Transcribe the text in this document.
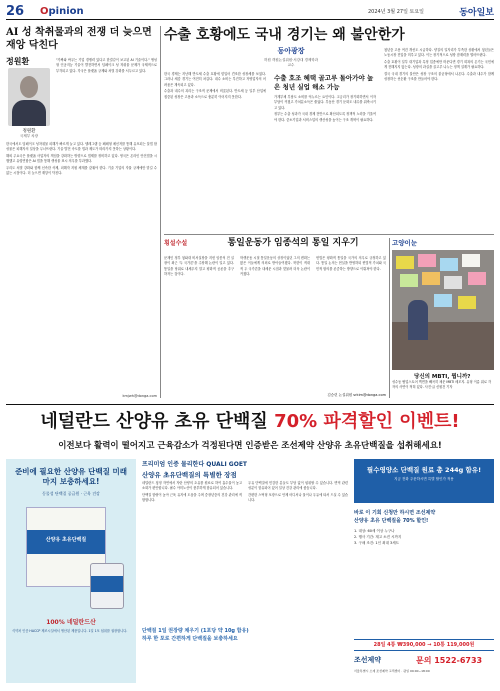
26 Opinion	2024년 3월 27일 토요일	동아일보
AI 성 착취물과의 전쟁 더 늦으면 재앙 닥친다
정원환
정원환
국제부 차장

"가짜와 싸우는 기업 경쟁력 있다고 한결같이 보고된 AI 기술이다." 생성형 인공지능 기술이 발전하면서 딥페이크 성 착취물 문제가 국제적으로 부각되고 있다. 각국은 플랫폼 규제와 처벌 강화를 서두르고 있다.

한국에서도 딥페이크 성착취물 피해가 빠르게 늘고 있다. 텔레그램 등 폐쇄형 메신저를 통해 유포되는 불법 합성물은 피해자의 일상을 무너뜨린다. 기술 발전 속도를 법과 제도가 따라가지 못하는 상황이다.

해외 주요국은 플랫폼 사업자의 책임을 강화하는 방향으로 법제를 정비하고 있다. 영국은 온라인 안전법을 시행했고 유럽연합은 AI 법을 통해 생성물 표시 의무를 부과했다.

우리도 처벌 강화와 함께 신속한 삭제, 피해자 지원 체계를 갖춰야 한다. 기술 기업의 자율 규제에만 맡길 수 없는 시점이다. 더 늦으면 재앙이 닥친다.

kmjwh@donga.com
수출 호황에도 국내 경기는 왜 불안한가
동아광장
허원 객원논설위원·서강대 경제학과 교수

한국 경제는 지난해 반도체 수출 호황에 힘입어 견조한 성장세를 보였다. 그러나 체감 경기는 여전히 차갑다. 내수 소비는 부진하고 자영업자의 어려움은 계속되고 있다.

수출과 내수의 괴리는 구조적 문제에서 비롯된다. 반도체 등 일부 산업에 집중된 성장은 고용과 소득으로 충분히 이어지지 못한다.

수출 호조 혜택 골고루 돌아가야 높은 청년 실업 해소 가능

가계부채 부담도 소비를 억누르는 요인이다. 고금리가 장기화하면서 이자 부담이 커졌고 가처분소득은 줄었다. 부동산 경기 둔화도 내수를 위축시키고 있다.

정부는 수출 성과가 국내 경제 전반으로 확산되도록 정책적 노력을 기울여야 한다. 중소기업과 서비스업의 생산성을 높이는 구조 개혁이 필요하다.

청년층 고용 여건 개선도 시급하다. 양질의 일자리가 부족한 상황에서 청년들은 노동시장 진입을 미루고 있다. 이는 장기적으로 성장 잠재력을 떨어뜨린다.

수출 호황이 일부 대기업과 특정 업종에만 머문다면 경기 회복의 온기는 국민에게 전해지지 않는다. 성장의 과실을 골고루 나누는 정책 설계가 필요하다.

결국 국내 경기의 불안은 성장 구조의 불균형에서 나온다. 수출과 내수가 함께 성장하는 선순환 구조를 만들어야 한다.

횡설수설	통일운동가 임종석의 통일 지우기

문재인 정부 청와대 비서실장을 지낸 임종석 전 실장이 최근 '두 국가론'을 주장해 논란이 일고 있다. 통일을 당위로 내세우지 말고 평화적 공존을 추구하자는 것이다.

학생운동 시절 통일운동의 상징이었던 그의 변화는 많은 이들에게 의외로 받아들여졌다. 북한이 적대적 두 국가론을 내세운 시점과 맞물려 더욱 논란이 커졌다.

헌법은 평화적 통일을 국가의 의무로 규정하고 있다. 통일 논의는 현실을 반영하되 헌법적 가치와 국민적 합의를 존중하는 방향으로 이뤄져야 한다.

김승련 논설위원 srkim@donga.com
고양이눈
당신의 MBTI, 뭡니까?
성수동 팝업스토어 벽면을 빼곡히 채운 MBTI 메모지. 유형 이름 위로 각자의 사연이 적혀 있다. 사진·글 신원건 기자
네덜란드 산양유 초유 단백질 70% 파격할인 이벤트!
이전보다 활력이 떨어지고 근육감소가 걱정된다면 인증받은 조선제약 산양유 초유단백질을 섭취해세요!
준비에 필요한 산양유 단백질 미래 마지 보충하세요!
동물성 단백질 공급원 · 근육 건강
산양유 초유단백질
100% 네덜란드산
식약처 인증 HACCP 제조시설에서 생산된 제품입니다. 1일 1포 섭취를 권장합니다.
프리미엄 인증 물리한다 QUALI GOET
산양유 초유단백질의 특별한 장점

네덜란드 청정 자연에서 자란 산양의 초유를 원료로 하여 흡수율이 높고 소화가 편안합니다. 필수 아미노산이 풍부하게 함유되어 있습니다.

단백질 함량이 높아 근육 유지에 도움을 주며 중장년층의 건강 관리에 적합합니다.

우유 단백질에 민감한 분들도 부담 없이 섭취할 수 있습니다. 면역 관련 성분이 함유되어 있어 일상 건강 관리에 좋습니다.

간편한 스틱형 포장으로 언제 어디서나 물이나 우유에 타서 드실 수 있습니다.

단백질 1일 권장량 채우기 (1포당 약 10g 함유)
하루 한 포로 간편하게 단백질을 보충하세요
필수영양소 단백질 원료 총 244g 함유!
지금 전화 주문하시면 특별 할인가 적용
바로 이 기회 신청만 하시면 조선제약
산양유 초유 단백질을 70% 할인!
1. 대상: 60세 이상 누구나
2. 행사 기간: 재고 소진 시까지
3. 구매 조건: 1인 최대 3세트
28일 4통 ₩390,000 → 10통 119,000원
조선제약	문의 1522-6733
서울특별시 소재 조선제약 고객센터 · 평일 09:00~18:00
